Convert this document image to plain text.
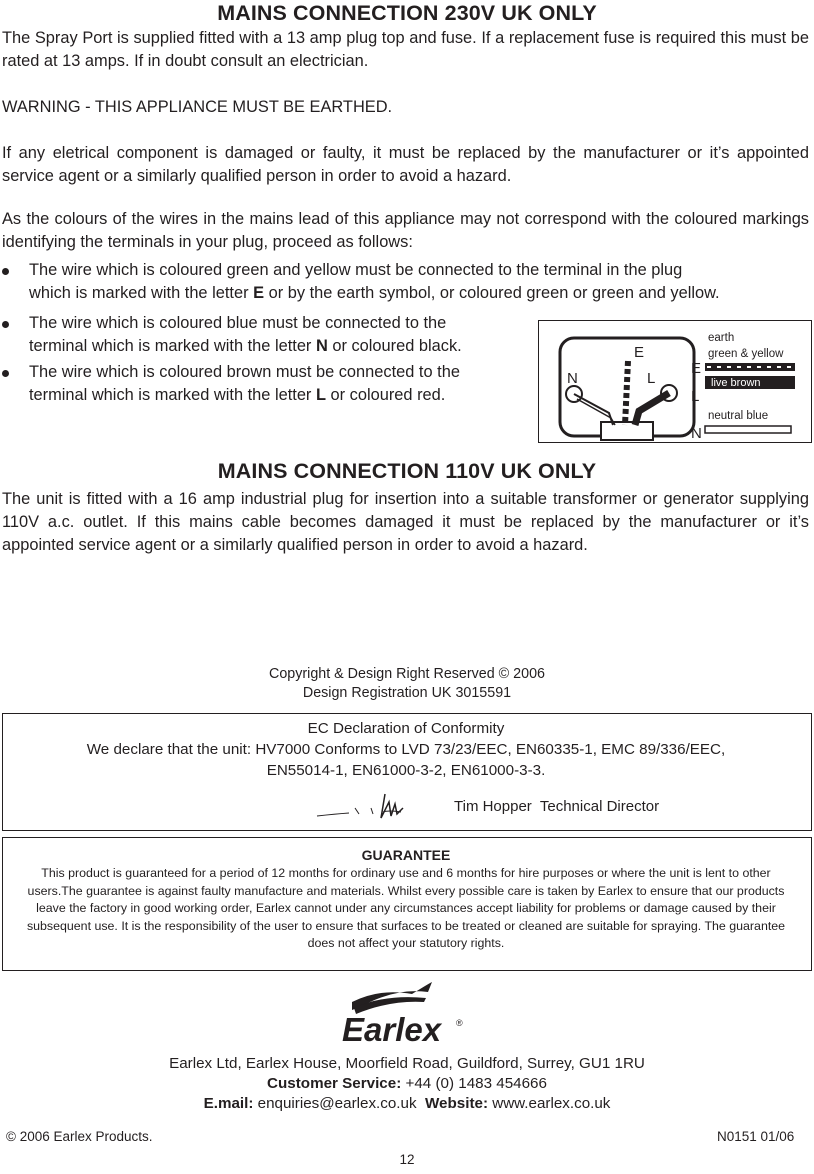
MAINS CONNECTION 230V UK ONLY
The Spray Port is supplied fitted with a 13 amp plug top and fuse. If a replacement fuse is required this must be rated at 13 amps. If in doubt consult an electrician.
WARNING - THIS APPLIANCE MUST BE EARTHED.
If any eletrical component is damaged or faulty, it must be replaced by the manufacturer or it’s appointed service agent or a similarly qualified person in order to avoid a hazard.
As the colours of the wires in the mains lead of this appliance may not correspond with the coloured markings identifying the terminals in your plug, proceed as follows:
The wire which is coloured green and yellow must be connected to the terminal in the plug
which is marked with the letter E or by the earth symbol, or coloured green or green and yellow.
The wire which is coloured blue must be connected to the
terminal which is marked with the letter N or coloured black.
The wire which is coloured brown must be connected to the
terminal which is marked with the letter L or coloured red.
E
N	L
earth
green & yellow
E
live brown
L
neutral blue
N
MAINS CONNECTION 110V UK ONLY
The unit is fitted with a 16 amp industrial plug for insertion into a suitable transformer or generator supplying 110V a.c. outlet. If this mains cable becomes damaged it must be replaced by the manufacturer or it’s appointed service agent or a similarly qualified person in order to avoid a hazard.
Copyright & Design Right Reserved © 2006
Design Registration UK 3015591
EC Declaration of Conformity
We declare that the unit: HV7000 Conforms to LVD 73/23/EEC, EN60335-1, EMC 89/336/EEC,
EN55014-1, EN61000-3-2, EN61000-3-3.
Tim Hopper  Technical Director
GUARANTEE
This product is guaranteed for a period of 12 months for ordinary use and 6 months for hire purposes or where the unit is lent to other users.The guarantee is against faulty manufacture and materials. Whilst every possible care is taken by Earlex to ensure that our products leave the factory in good working order, Earlex cannot under any circumstances accept liability for problems or damage caused by their subsequent use. It is the responsibility of the user to ensure that surfaces to be treated or cleaned are suitable for spraying. The guarantee does not affect your statutory rights.
Earlex ®
Earlex Ltd, Earlex House, Moorfield Road, Guildford, Surrey, GU1 1RU
Customer Service: +44 (0) 1483 454666
E.mail: enquiries@earlex.co.uk  Website: www.earlex.co.uk
© 2006 Earlex Products.	N0151 01/06
12
